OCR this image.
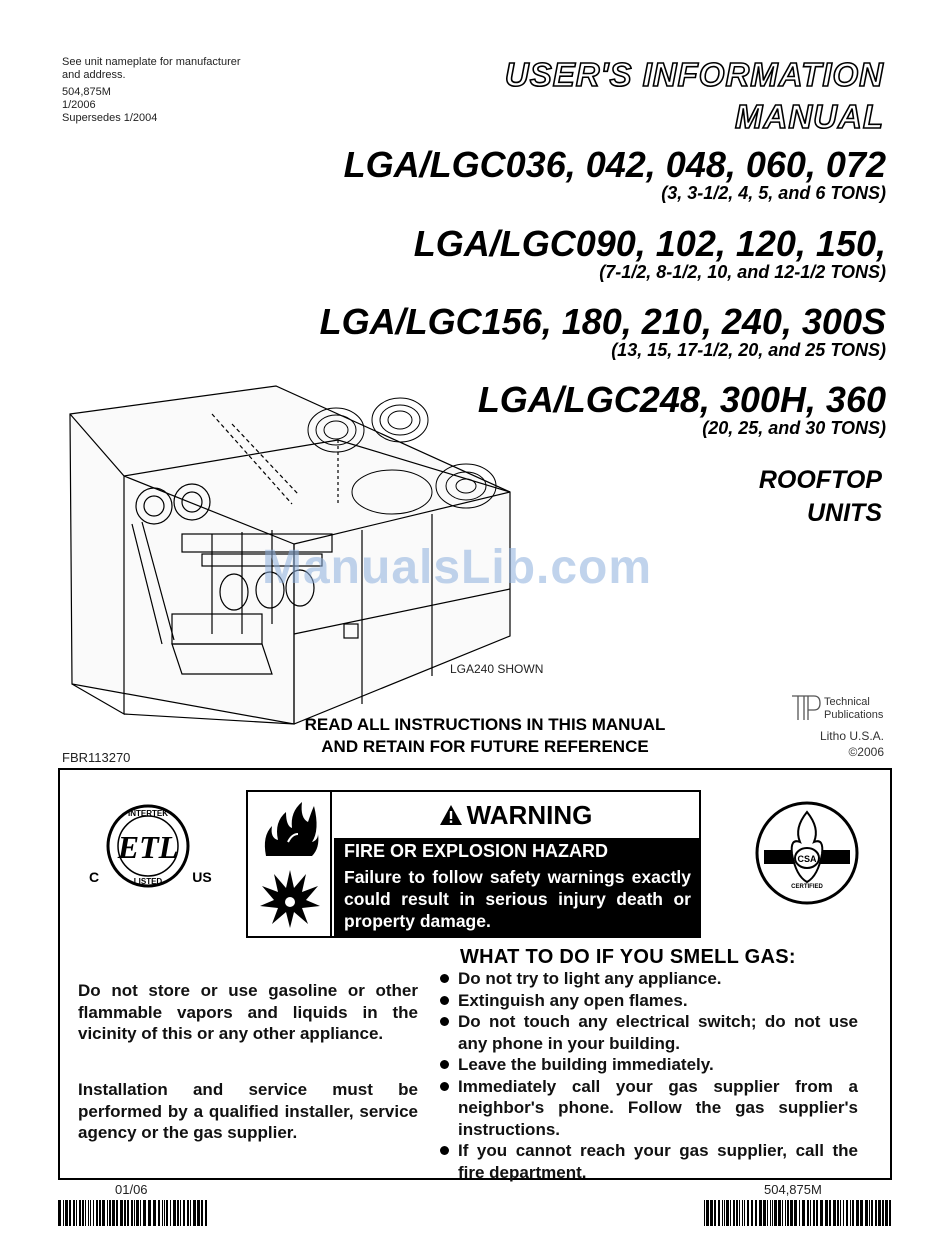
See unit nameplate for manufacturer
and address.
504,875M
1/2006
Supersedes 1/2004
USER'S INFORMATION
MANUAL
LGA/LGC036, 042, 048, 060, 072
(3, 3-1/2, 4, 5, and 6 TONS)
LGA/LGC090, 102, 120, 150,
(7-1/2, 8-1/2, 10, and 12-1/2 TONS)
LGA/LGC156, 180, 210, 240, 300S
(13, 15, 17-1/2, 20, and 25 TONS)
LGA/LGC248, 300H, 360
(20, 25, and 30 TONS)
ROOFTOP
UNITS
ManualsLib.com
LGA240 SHOWN
Technical
Publications
Litho U.S.A.
©2006
READ ALL INSTRUCTIONS IN THIS MANUAL
AND RETAIN FOR FUTURE REFERENCE
FBR113270
INTERTEK
ETL
LISTED
C	US
CSA
CERTIFIED
WARNING
FIRE OR EXPLOSION HAZARD
Failure to follow safety warnings exactly could result in serious injury death or property damage.
Do not store or use gasoline or other flammable vapors and liquids in the vicinity of this or any other appliance.
Installation and service must be performed by a qualified installer, service agency or the gas supplier.
WHAT TO DO IF YOU SMELL GAS:
Do not try to light any appliance.
Extinguish any open flames.
Do not touch any electrical switch; do not use any phone in your building.
Leave the building immediately.
Immediately call your gas supplier from a neighbor's phone. Follow the gas supplier's instructions.
If you cannot reach your gas supplier, call the fire department.
01/06	504,875M
